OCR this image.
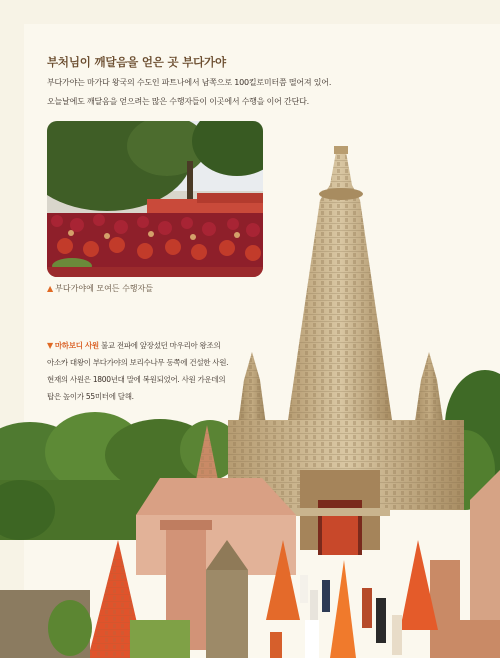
부처님이 깨달음을 얻은 곳 부다가야

부다가야는 마가다 왕국의 수도인 파트나에서 남쪽으로 100킬로미터쯤 떨어져 있어.

오늘날에도 깨달음을 얻으려는 많은 수행자들이 이곳에서 수행을 이어 간단다.

▲ 부다가야에 모여든 수행자들

▼ 마하보디 사원 불교 전파에 앞장섰던 마우리아 왕조의

아소카 대왕이 부다가야의 보리수나무 동쪽에 건설한 사원.

현재의 사원은 1800년대 말에 복원되었어. 사원 가운데의

탑은 높이가 55미터에 달해.
